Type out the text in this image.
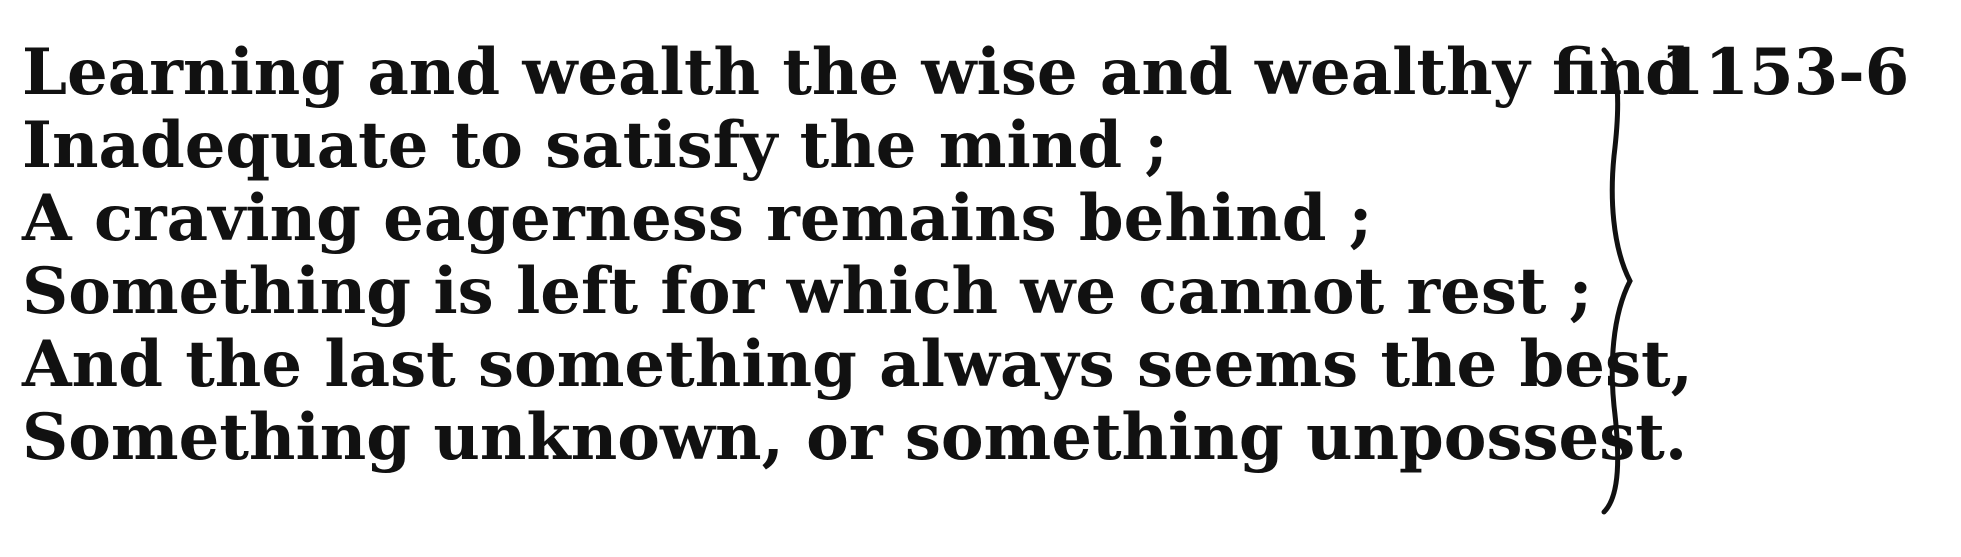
Learning and wealth the wise and wealthy find
Inadequate to satisfy the mind ;
A craving eagerness remains behind ;
Something is left for which we cannot rest ;
And the last something always seems the best,
Something unknown, or something unpossest.
1153-6
